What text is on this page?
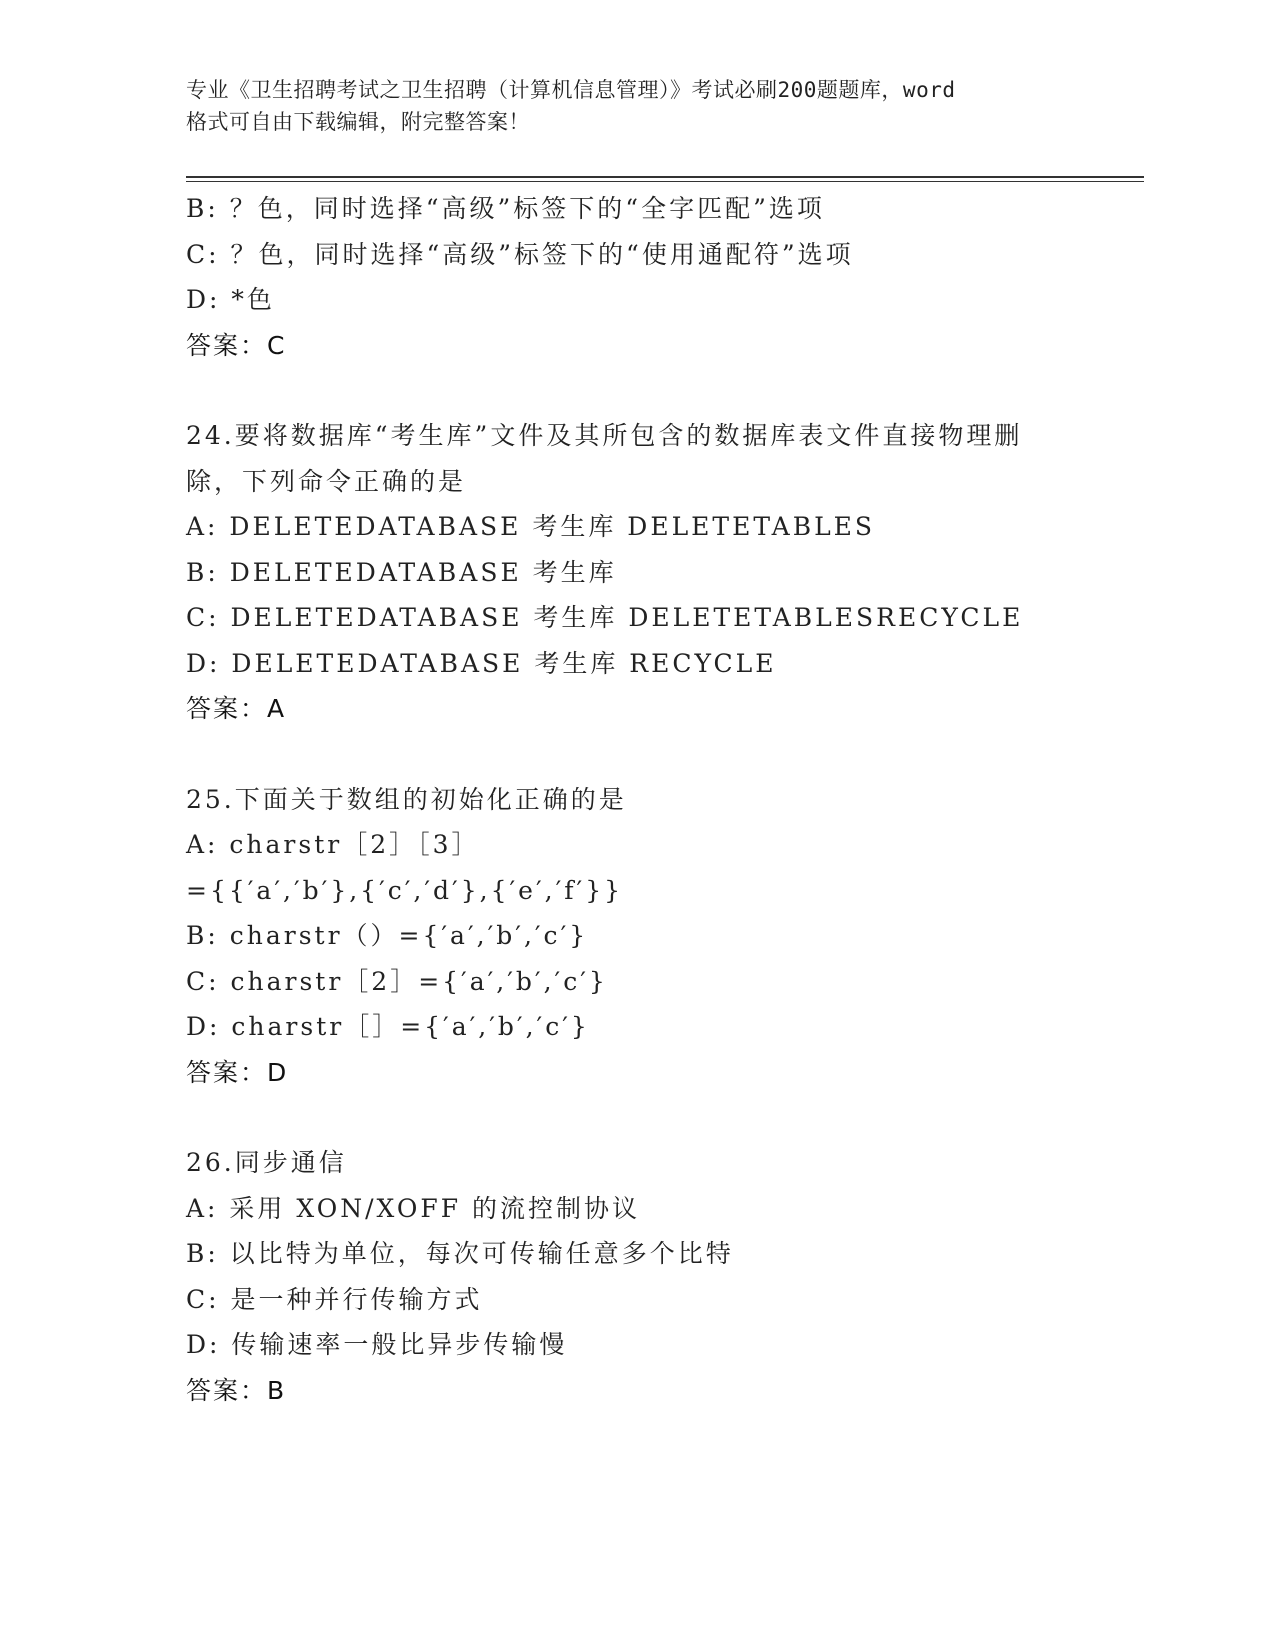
专业《卫生招聘考试之卫生招聘（计算机信息管理）》考试必刷200题题库，word
格式可自由下载编辑，附完整答案！
B: ？色，同时选择“高级”标签下的“全字匹配”选项
C: ？色，同时选择“高级”标签下的“使用通配符”选项
D: *色
答案：C
24.要将数据库“考生库”文件及其所包含的数据库表文件直接物理删
除，下列命令正确的是
A: DELETEDATABASE 考生库 DELETETABLES
B: DELETEDATABASE 考生库
C: DELETEDATABASE 考生库 DELETETABLESRECYCLE
D: DELETEDATABASE 考生库 RECYCLE
答案：A
25.下面关于数组的初始化正确的是
A: charstr［2］［3］
={{′a′,′b′},{′c′,′d′},{′e′,′f′}}
B: charstr（）={′a′,′b′,′c′}
C: charstr［2］={′a′,′b′,′c′}
D: charstr［］={′a′,′b′,′c′}
答案：D
26.同步通信
A: 采用 XON/XOFF 的流控制协议
B: 以比特为单位，每次可传输任意多个比特
C: 是一种并行传输方式
D: 传输速率一般比异步传输慢
答案：B
